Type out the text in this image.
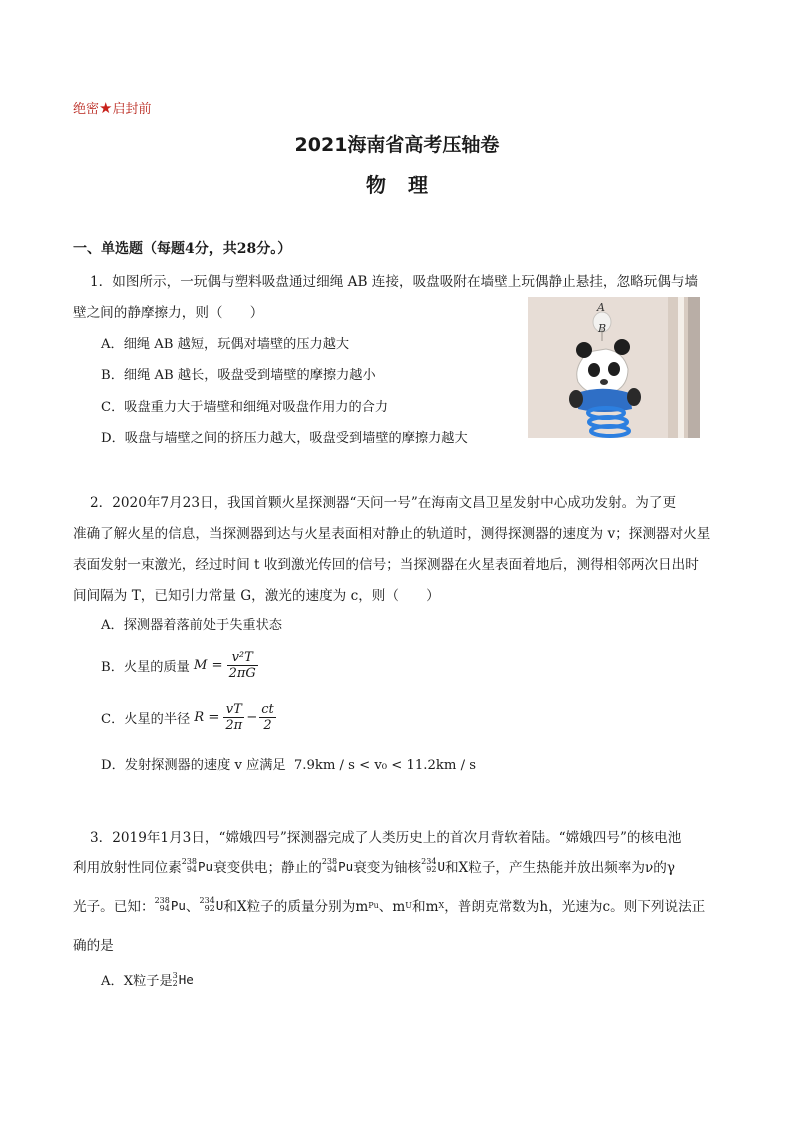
绝密★启封前
2021海南省高考压轴卷
物理
一、单选题（每题4分，共28分。）
1．如图所示，一玩偶与塑料吸盘通过细绳 AB 连接，吸盘吸附在墙壁上玩偶静止悬挂，忽略玩偶与墙
壁之间的静摩擦力，则（　　）
A．细绳 AB 越短，玩偶对墙壁的压力越大
B．细绳 AB 越长，吸盘受到墙壁的摩擦力越小
C．吸盘重力大于墙壁和细绳对吸盘作用力的合力
D．吸盘与墙壁之间的挤压力越大，吸盘受到墙壁的摩擦力越大
A
B
2．2020年7月23日，我国首颗火星探测器“天问一号”在海南文昌卫星发射中心成功发射。为了更
准确了解火星的信息，当探测器到达与火星表面相对静止的轨道时，测得探测器的速度为 v；探测器对火星
表面发射一束激光，经过时间 t 收到激光传回的信号；当探测器在火星表面着地后，测得相邻两次日出时
间间隔为 T，已知引力常量 G，激光的速度为 c，则（　　）
A．探测器着落前处于失重状态
B．火星的质量 $M = \frac{\text{v²T}}{2\pi G}$
C．火星的半径 $R = \frac{vT}{2\pi} - \frac{ct}{2}$
D．发射探测器的速度 v 应满足 7.9km / s < v₀ < 11.2km / s
3．2019年1月3日，“嫦娥四号”探测器完成了人类历史上的首次月背软着陆。“嫦娥四号”的核电池
利用放射性同位素 238
94 Pu 衰变供电；静止的 238
94 Pu 衰变为铀核 234
92 U 和X粒子，产生热能并放出频率为ν的γ
光子。已知： 238
94 Pu 、 234
92 U 和X粒子的质量分别为m Pu 、m U 和m X ，普朗克常数为h，光速为c。则下列说法正
确的是
A．X粒子是 3
2 He
